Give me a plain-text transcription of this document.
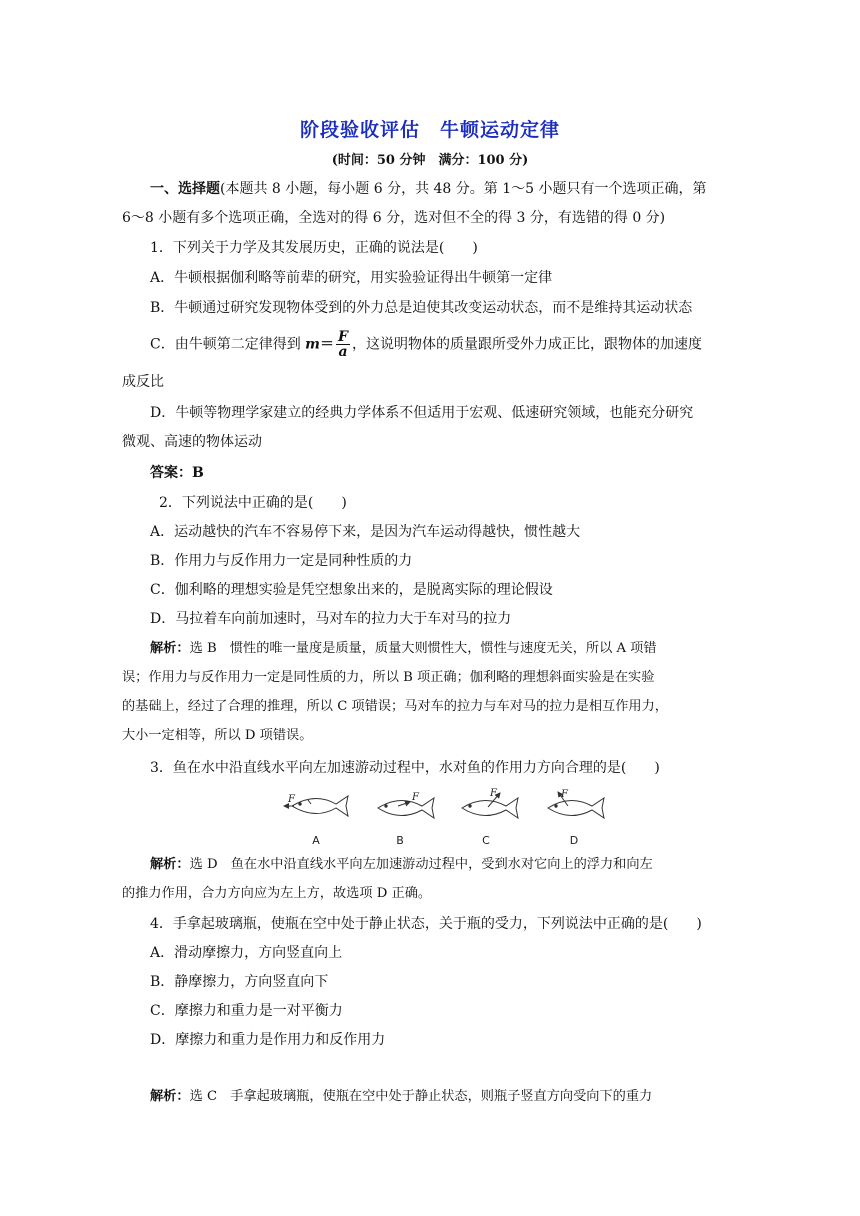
阶段验收评估　牛顿运动定律
(时间：50 分钟　满分：100 分)
一、选择题(本题共 8 小题，每小题 6 分，共 48 分。第 1～5 小题只有一个选项正确，第
6～8 小题有多个选项正确，全选对的得 6 分，选对但不全的得 3 分，有选错的得 0 分)
1．下列关于力学及其发展历史，正确的说法是(　　)
A．牛顿根据伽利略等前辈的研究，用实验验证得出牛顿第一定律
B．牛顿通过研究发现物体受到的外力总是迫使其改变运动状态，而不是维持其运动状态
C．由牛顿第二定律得到 $m= \frac{F}{a}$ ，这说明物体的质量跟所受外力成正比，跟物体的加速度
成反比
D．牛顿等物理学家建立的经典力学体系不但适用于宏观、低速研究领域，也能充分研究
微观、高速的物体运动
答案：B
2．下列说法中正确的是(　　)
A．运动越快的汽车不容易停下来，是因为汽车运动得越快，惯性越大
B．作用力与反作用力一定是同种性质的力
C．伽利略的理想实验是凭空想象出来的，是脱离实际的理论假设
D．马拉着车向前加速时，马对车的拉力大于车对马的拉力
解析：选 B　惯性的唯一量度是质量，质量大则惯性大，惯性与速度无关，所以 A 项错
误；作用力与反作用力一定是同性质的力，所以 B 项正确；伽利略的理想斜面实验是在实验
的基础上，经过了合理的推理，所以 C 项错误；马对车的拉力与车对马的拉力是相互作用力，
大小一定相等，所以 D 项错误。
3．鱼在水中沿直线水平向左加速游动过程中，水对鱼的作用力方向合理的是(　　)
F	F	F	F
A	B	C	D
解析：选 D　鱼在水中沿直线水平向左加速游动过程中，受到水对它向上的浮力和向左
的推力作用，合力方向应为左上方，故选项 D 正确。
4．手拿起玻璃瓶，使瓶在空中处于静止状态，关于瓶的受力，下列说法中正确的是(　　)
A．滑动摩擦力，方向竖直向上
B．静摩擦力，方向竖直向下
C．摩擦力和重力是一对平衡力
D．摩擦力和重力是作用力和反作用力
解析：选 C　手拿起玻璃瓶，使瓶在空中处于静止状态，则瓶子竖直方向受向下的重力
